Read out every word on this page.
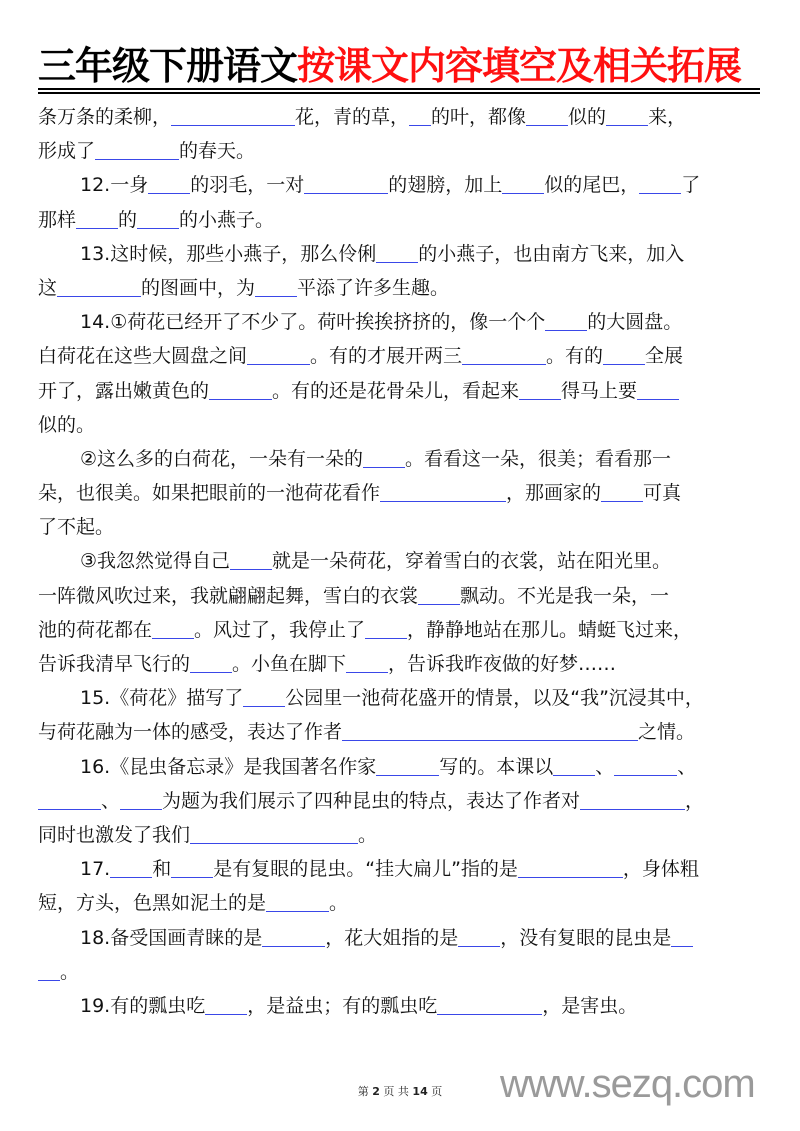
三年级下册语文按课文内容填空及相关拓展
条万条的柔柳，	花，青的草， 的叶，都像 似的 来，
形成了	的春天。
12.一身 的羽毛，一对	的翅膀，加上 似的尾巴， 了
那样 的 的小燕子。
13.这时候，那些小燕子，那么伶俐 的小燕子，也由南方飞来，加入
这	的图画中，为 平添了许多生趣。
14.①荷花已经开了不少了。荷叶挨挨挤挤的，像一个个 的大圆盘。
白荷花在这些大圆盘之间	。有的才展开两三	。有的 全展
开了，露出嫩黄色的	。有的还是花骨朵儿，看起来 得马上要
似的。
②这么多的白荷花，一朵有一朵的 。看看这一朵，很美；看看那一
朵，也很美。如果把眼前的一池荷花看作	，那画家的 可真
了不起。
③我忽然觉得自己 就是一朵荷花，穿着雪白的衣裳，站在阳光里。
一阵微风吹过来，我就翩翩起舞，雪白的衣裳 飘动。不光是我一朵，一
池的荷花都在 。风过了，我停止了 ，静静地站在那儿。蜻蜓飞过来，
告诉我清早飞行的 。小鱼在脚下 ，告诉我昨夜做的好梦……
15.《荷花》描写了 公园里一池荷花盛开的情景，以及“我”沉浸其中，
与荷花融为一体的感受，表达了作者	之情。
16.《昆虫备忘录》是我国著名作家	写的。本课以 、	、
、 为题为我们展示了四种昆虫的特点，表达了作者对	，
同时也激发了我们	。
17. 和 是有复眼的昆虫。“挂大扁儿”指的是	，身体粗
短，方头，色黑如泥土的是	。
18.备受国画青睐的是	，花大姐指的是 ，没有复眼的昆虫是
。
19.有的瓢虫吃 ，是益虫；有的瓢虫吃	，是害虫。
第 2 页 共 14 页	www.sezq.com
